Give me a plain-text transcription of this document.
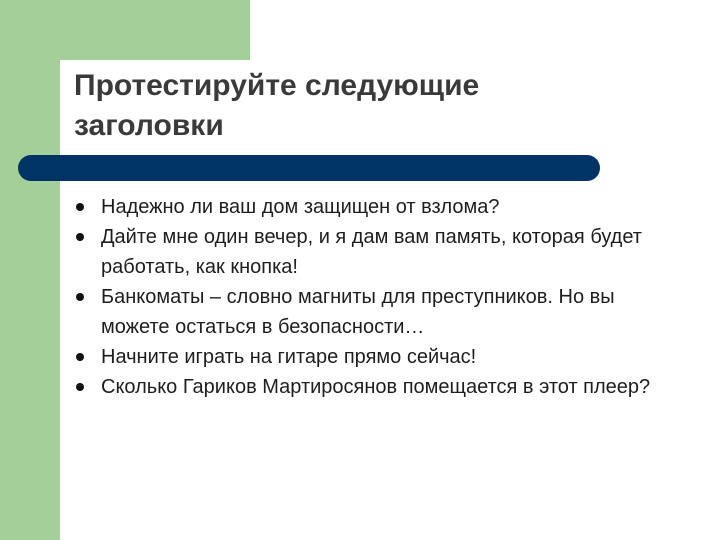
Протестируйте следующие заголовки
Надежно ли ваш дом защищен от взлома?
Дайте мне один вечер, и я дам вам память, которая будет работать, как кнопка!
Банкоматы – словно магниты для преступников. Но вы можете остаться в безопасности…
Начните играть на гитаре прямо сейчас!
Сколько Гариков Мартиросянов помещается в этот плеер?
